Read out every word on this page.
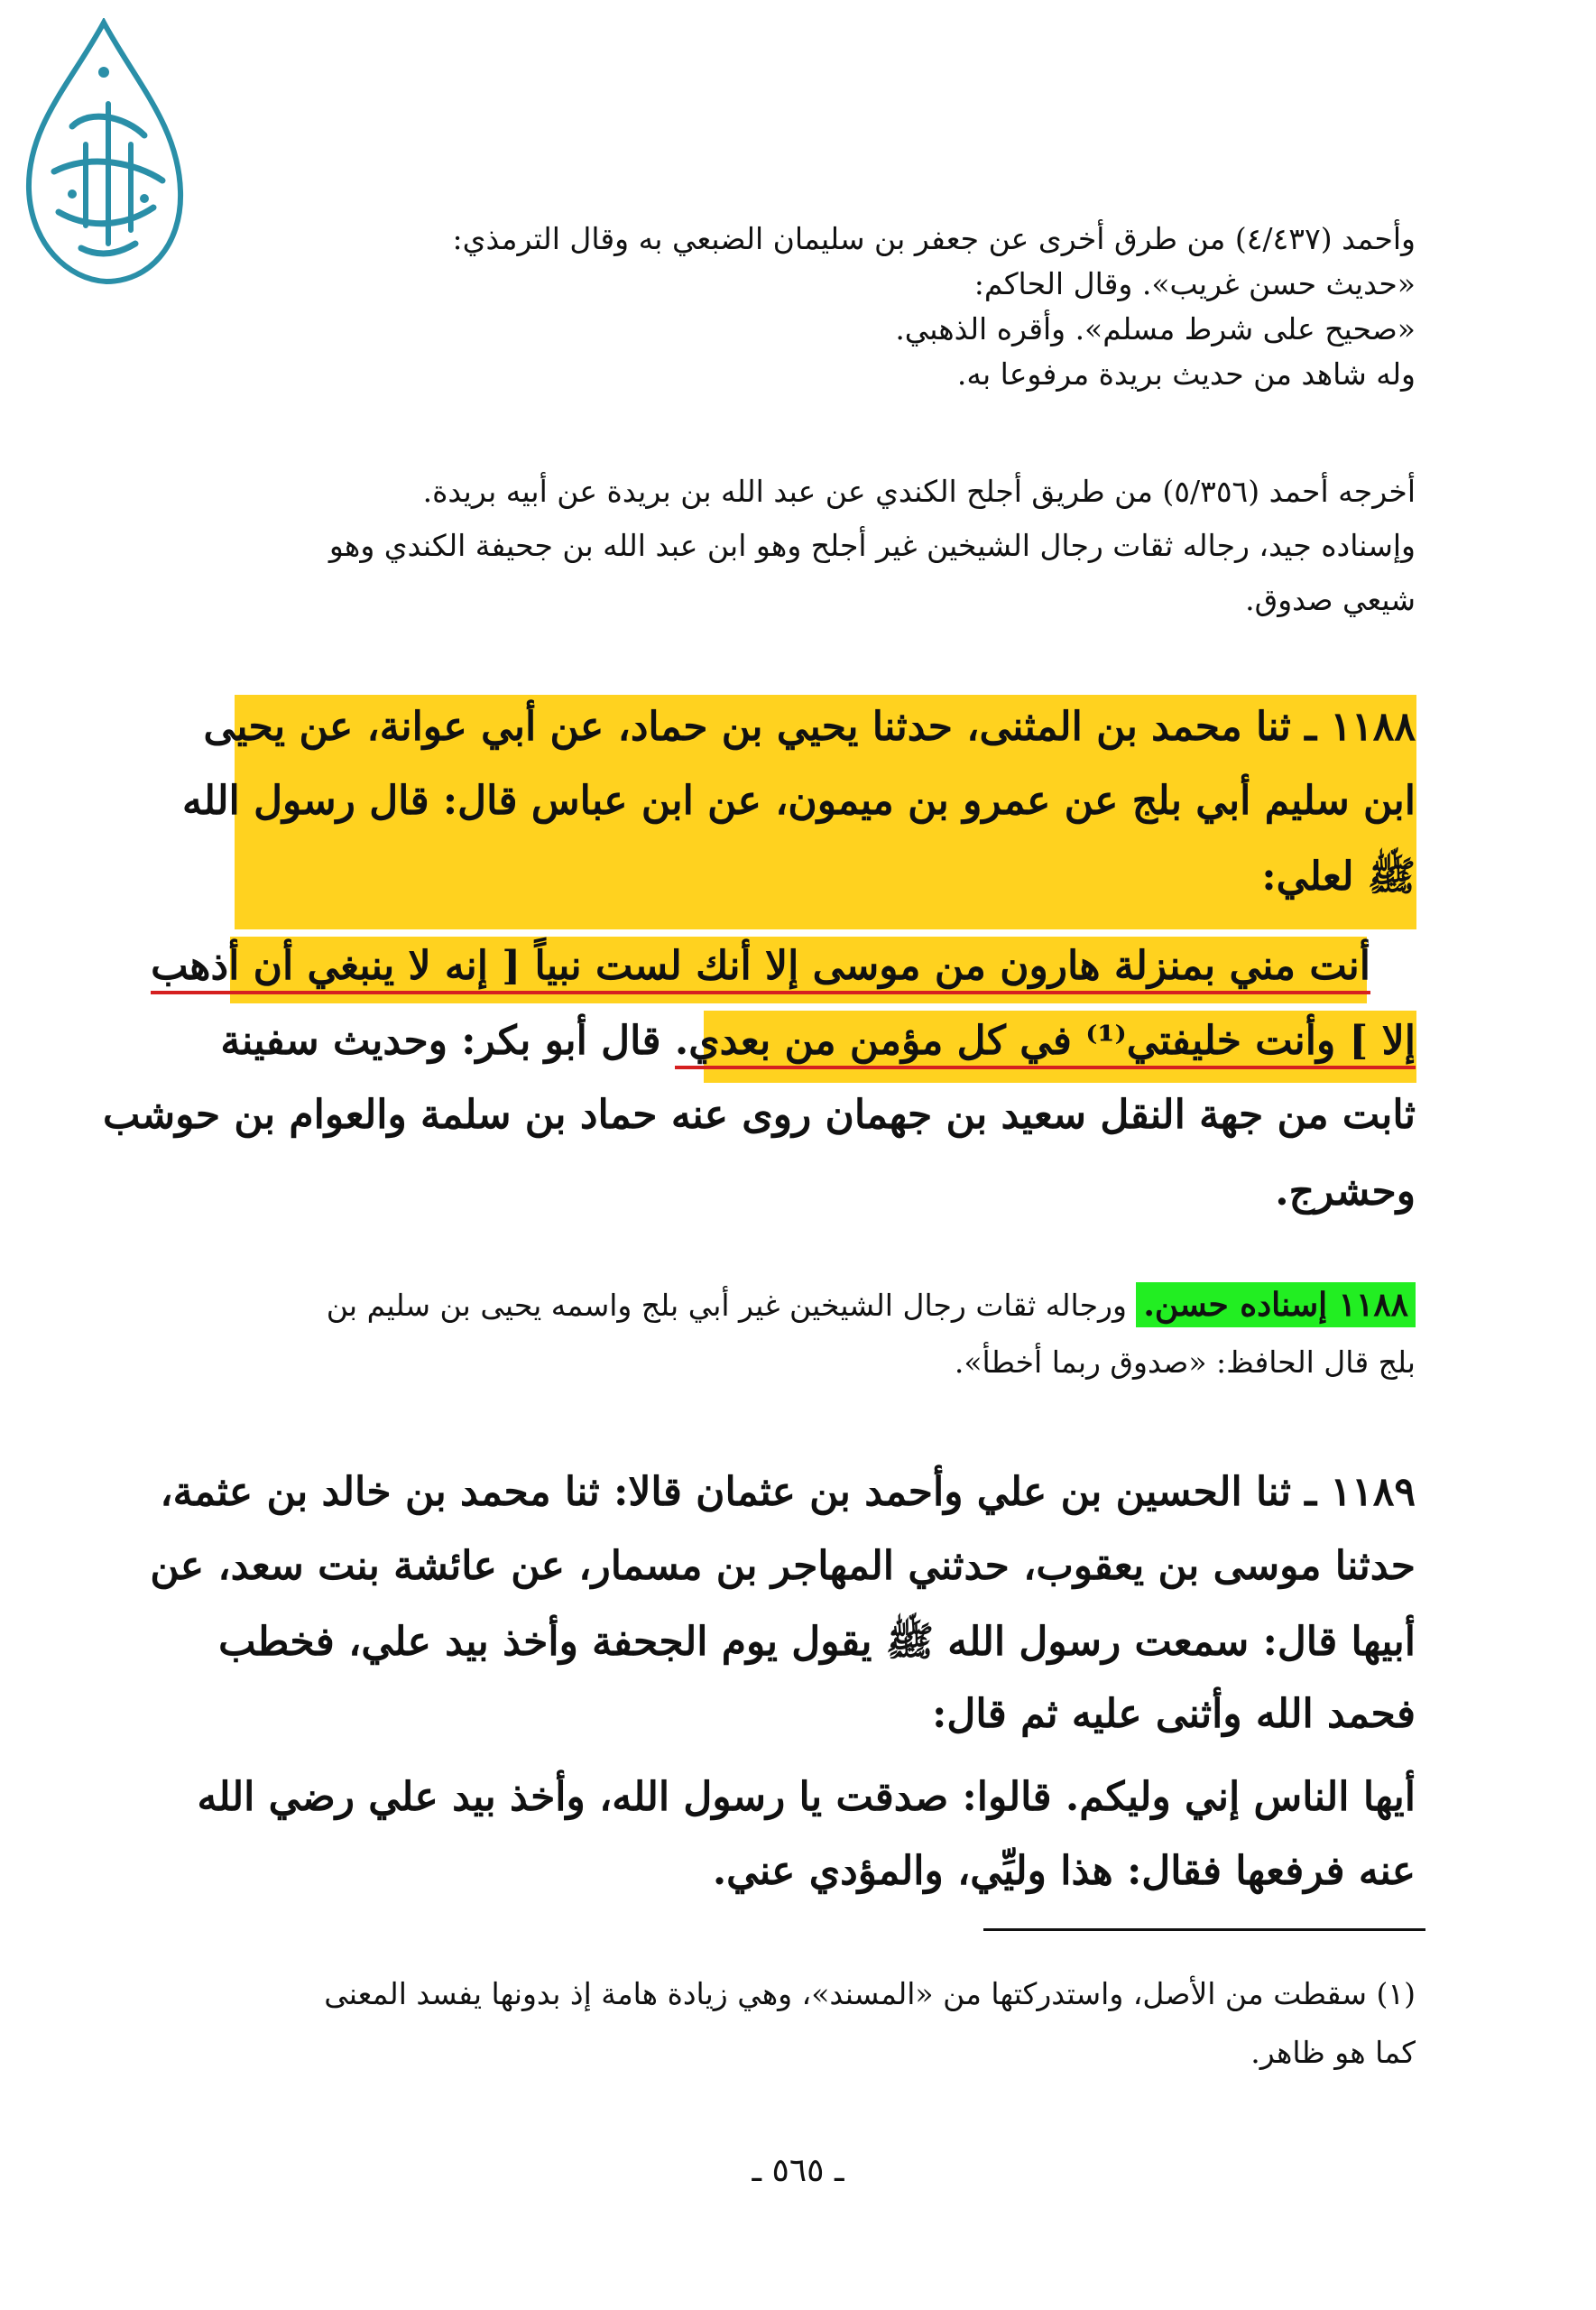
وأحمد (٤/٤٣٧) من طرق أخرى عن جعفر بن سليمان الضبعي به وقال الترمذي:
«حديث حسن غريب». وقال الحاكم:
«صحيح على شرط مسلم». وأقره الذهبي.
وله شاهد من حديث بريدة مرفوعا به.
أخرجه أحمد (٥/٣٥٦) من طريق أجلح الكندي عن عبد الله بن بريدة عن أبيه بريدة.
وإسناده جيد، رجاله ثقات رجال الشيخين غير أجلح وهو ابن عبد الله بن جحيفة الكندي وهو
شيعي صدوق.
١١٨٨ ـ ثنا محمد بن المثنى، حدثنا يحيي بن حماد، عن أبي عوانة، عن يحيى
ابن سليم أبي بلج عن عمرو بن ميمون، عن ابن عباس قال: قال رسول الله
ﷺ لعلي:
أنت مني بمنزلة هارون من موسى إلا أنك لست نبياً [ إنه لا ينبغي أن أذهب
إلا ] وأنت خليفتي⁽¹⁾ في كل مؤمن من بعدي. قال أبو بكر: وحديث سفينة
ثابت من جهة النقل سعيد بن جهمان روى عنه حماد بن سلمة والعوام بن حوشب
وحشرج.
١١٨٨ إسناده حسن. ورجاله ثقات رجال الشيخين غير أبي بلج واسمه يحيى بن سليم بن
بلج قال الحافظ: «صدوق ربما أخطأ».
١١٨٩ ـ ثنا الحسين بن علي وأحمد بن عثمان قالا: ثنا محمد بن خالد بن عثمة،
حدثنا موسى بن يعقوب، حدثني المهاجر بن مسمار، عن عائشة بنت سعد، عن
أبيها قال: سمعت رسول الله ﷺ يقول يوم الجحفة وأخذ بيد علي، فخطب
فحمد الله وأثنى عليه ثم قال:
أيها الناس إني وليكم. قالوا: صدقت يا رسول الله، وأخذ بيد علي رضي الله
عنه فرفعها فقال: هذا وليِّي، والمؤدي عني.
(١) سقطت من الأصل، واستدركتها من «المسند»، وهي زيادة هامة إذ بدونها يفسد المعنى
كما هو ظاهر.
ـ ٥٦٥ ـ
